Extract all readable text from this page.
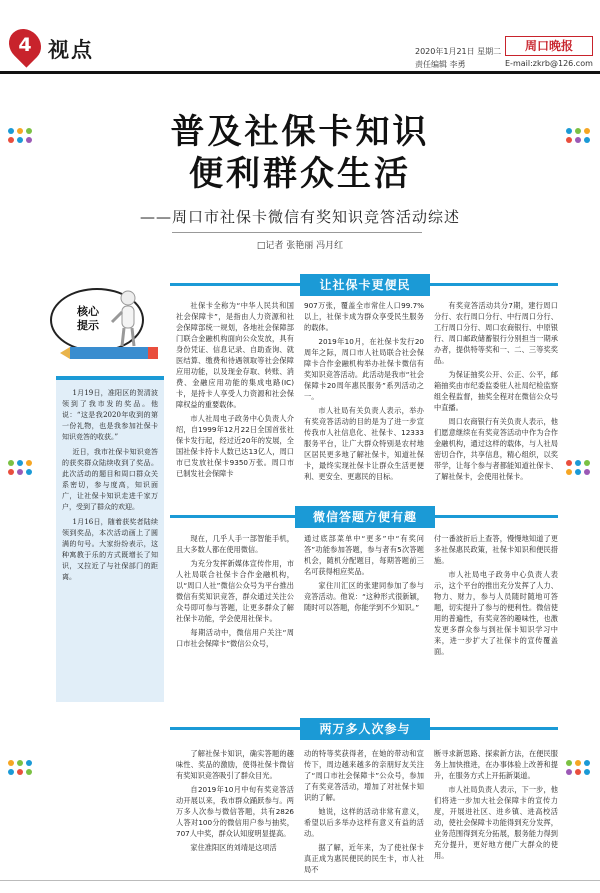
4 视点	2020年1月21日 星期二
责任编辑 李勇	E-mail:zkrb@126.com
周口晚报
普及社保卡知识
便利群众生活
——周口市社保卡微信有奖知识竞答活动综述
□记者 张艳丽 冯月红
让社保卡更便民
核心
提示

1月19日，准阳区的贺清波领到了我市发的奖品。他说：“这是我2020年收到的第一份礼物，也是我参加社保卡知识竞答的收获。”

近日，我市社保卡知识竞答的获奖群众陆续收到了奖品。此次活动的题目和周口群众关系密切，参与度高，知识面广，让社保卡知识走进千家万户，受到了群众的欢迎。

1月16日，随着获奖者陆续领到奖品，本次活动画上了圆满的句号。大家纷纷表示，这种寓教于乐的方式既增长了知识，又拉近了与社保部门的距离。

社保卡全称为“中华人民共和国社会保障卡”，是指由人力资源和社会保障部统一规划，各地社会保障部门联合金融机构面向公众发放，具有身份凭证、信息记录、自助查询、就医结算、缴费和待遇领取等社会保障应用功能，以及现金存取、转账、消费、金融应用功能的集成电路(IC)卡，是持卡人享受人力资源和社会保障权益的重要载体。

市人社局电子政务中心负责人介绍，自1999年12月22日全国首张社保卡发行起，经过近20年的发展，全国社保卡持卡人数已达13亿人，周口市已发放社保卡9350万张。周口市已制发社会保障卡

907万张，覆盖全市常住人口99.7%以上，社保卡成为群众享受民生服务的载体。

2019年10月，在社保卡发行20周年之际，周口市人社局联合社会保障卡合作金融机构举办社保卡微信有奖知识竞答活动。此活动是我市“社会保障卡20周年惠民服务”系列活动之一。

市人社局有关负责人表示，举办有奖竞答活动的目的是为了进一步宣传我市人社信息化、社保卡、12333服务平台，让广大群众特别是农村地区居民更多地了解社保卡，知道社保卡，最终实现社保卡让群众生活更便利、更安全、更惠民的目标。

有奖竞答活动共分7期，建行周口分行、农行周口分行、中行周口分行、工行周口分行、周口农商银行、中原银行、周口邮政储蓄银行分别担当一期承办者，提供特等奖和一、二、三等奖奖品。

为保证抽奖公开、公正、公平，邮箱抽奖由市纪委监委驻人社局纪检监察组全程监督，抽奖全程对在微信公众号中直播。

周口农商银行有关负责人表示，他们愿意继续在有奖竞答活动中作为合作金融机构，通过这样的载体，与人社局密切合作，共享信息，精心组织，以奖带学，让每个参与者都能知道社保卡、了解社保卡，会使用社保卡。

微信答题方便有趣

现在，几乎人手一部智能手机，且大多数人都在使用微信。

为充分发挥新媒体宣传作用，市人社局联合社保卡合作金融机构，以“周口人社”微信公众号为平台推出微信有奖知识竞答，群众通过关注公众号即可参与答题，让更多群众了解社保卡功能，学会使用社保卡。

每期活动中，微信用户关注“周口市社会保障卡”微信公众号，

通过底部菜单中“更多”中“有奖问答”功能参加答题，参与者有5次答题机会，随机分配题目，每期答题前三名可获得相应奖品。

家住川汇区的张建同参加了参与竞答活动。他说：“这种形式很新颖，随时可以答题，你能学到不少知识。”

付一番波折后上查答，慢慢地知道了更多社保惠民政策，社保卡知识和便民措施。

市人社局电子政务中心负责人表示，这个平台的推出充分发挥了人力、物力、财力，参与人员随时随地可答题，切实提升了参与的便利性。微信使用的普遍性，有奖竞答的趣味性，也激发更多群众参与到社保卡知识学习中来，进一步扩大了社保卡的宣传覆盖面。

两万多人次参与

了解社保卡知识，确实答题的趣味性、奖品的激励，使得社保卡微信有奖知识竞答吸引了群众目光。

自2019年10月中旬有奖竞答活动开展以来，我市群众踊跃参与。两万多人次参与微信答题，共有2826人答对100分的微信用户参与抽奖，707人中奖，群众认知度明显提高。

家住准阳区的刘靖是这项活

动的特等奖获得者，在她的带动和宣传下，周边越来越多的亲朋好友关注了“周口市社会保障卡”公众号，参加了有奖竞答活动，增加了对社保卡知识的了解。

她说，这样的活动非常有意义，希望以后多举办这样有意义有益的活动。

据了解，近年来，为了使社保卡真正成为惠民便民的民生卡，市人社局不

断寻求新思路、探索新方法，在便民服务上加快推进，在办事体验上改善和提升，在服务方式上开拓新渠道。

市人社局负责人表示，下一步，他们将进一步加大社会保障卡的宣传力度，开展进社区、进乡镇、进高校活动，使社会保障卡功能得到充分发挥，业务范围得到充分拓展，服务能力得到充分提升，更好地方便广大群众的使用。
